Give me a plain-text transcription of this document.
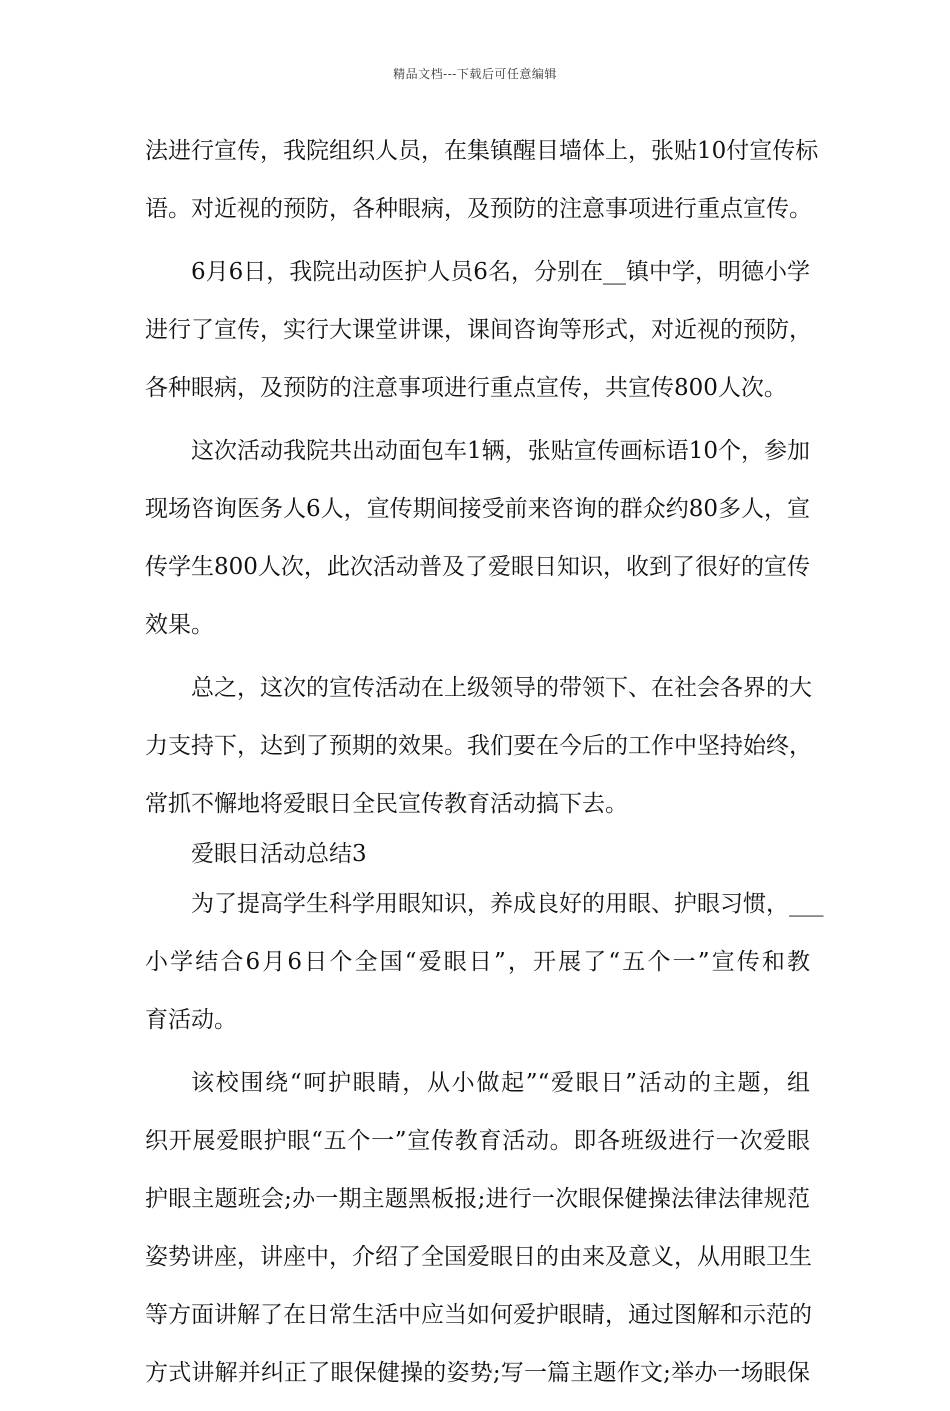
精品文档---下载后可任意编辑
法进行宣传，我院组织人员，在集镇醒目墙体上，张贴10付宣传标
语。对近视的预防，各种眼病，及预防的注意事项进行重点宣传。
6月6日，我院出动医护人员6名，分别在__镇中学，明德小学
进行了宣传，实行大课堂讲课，课间咨询等形式，对近视的预防，
各种眼病，及预防的注意事项进行重点宣传，共宣传800人次。
这次活动我院共出动面包车1辆，张贴宣传画标语10个，参加
现场咨询医务人6人，宣传期间接受前来咨询的群众约80多人，宣
传学生800人次，此次活动普及了爱眼日知识，收到了很好的宣传
效果。
总之，这次的宣传活动在上级领导的带领下、在社会各界的大
力支持下，达到了预期的效果。我们要在今后的工作中坚持始终，
常抓不懈地将爱眼日全民宣传教育活动搞下去。
爱眼日活动总结3
为了提高学生科学用眼知识，养成良好的用眼、护眼习惯，___
小学结合6月6日个全国“爱眼日”，开展了“五个一”宣传和教
育活动。
该校围绕“呵护眼睛，从小做起”“爱眼日”活动的主题，组
织开展爱眼护眼“五个一”宣传教育活动。即各班级进行一次爱眼
护眼主题班会;办一期主题黑板报;进行一次眼保健操法律法律规范
姿势讲座，讲座中，介绍了全国爱眼日的由来及意义，从用眼卫生
等方面讲解了在日常生活中应当如何爱护眼睛，通过图解和示范的
方式讲解并纠正了眼保健操的姿势;写一篇主题作文;举办一场眼保
